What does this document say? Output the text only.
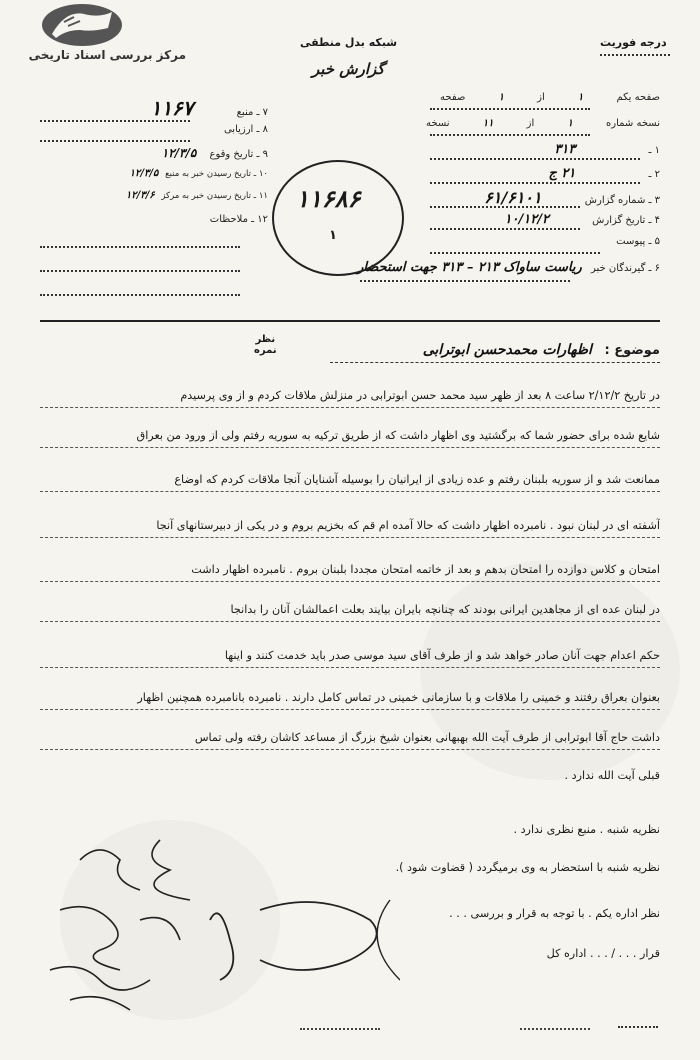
مرکز بررسی اسناد تاریخی
شبکه بدل منطقی
گزارش خبر
درجه فوریت
صفحه یکم ۱ از ۱ صفحه
نسخه شماره ۱ از ۱۱ نسخه
۱ ـ ۳۱۳
۲ ـ ۲۱ ج
۳ ـ شماره گزارش ۶۱/۶۱۰۱
۴ ـ تاریخ گزارش ۱۰/۱۲/۲
۵ ـ پیوست
۶ ـ گیرندگان خبر ریاست ساواک ۲۱۳ – ۳۱۳ جهت استحضار
۷ ـ منبع ۱۱۶۷
۸ ـ ارزیابی
۹ ـ تاریخ وقوع ۱۲/۳/۵
۱۰ ـ تاریخ رسیدن خبر به منبع ۱۲/۳/۵
۱۱ ـ تاریخ رسیدن خبر به مرکز ۱۲/۳/۶
۱۲ ـ ملاحظات
۱۱۶۸۶
۱
موضوع : اظهارات محمدحسن ابوترابی
نظر
نمره
در تاریخ ۲/۱۲/۲ ساعت ۸ بعد از ظهر سید محمد حسن ابوترابی در منزلش ملاقات کردم و از وی پرسیدم
شایع شده برای حضور شما که برگشتید وی اظهار داشت که از طریق ترکیه به سوریه رفتم ولی از ورود من بعراق
ممانعت شد و از سوریه بلبنان رفتم و عده زیادی از ایرانیان را بوسیله آشنایان آنجا ملاقات کردم که اوضاع
آشفته ای در لبنان نبود . نامبرده اظهار داشت که حالا آمده ام قم که بخزیم بروم و در یکی از دبیرستانهای آنجا
امتحان و کلاس دوازده را امتحان بدهم و بعد از خاتمه امتحان مجددا بلبنان بروم . نامبرده اظهار داشت
در لبنان عده ای از مجاهدین ایرانی بودند که چنانچه بایران بیایند بعلت اعمالشان آنان را بدانجا
حکم اعدام جهت آنان صادر خواهد شد و از طرف آقای سید موسی صدر باید خدمت کنند و اینها
بعنوان بعراق رفتند و خمینی را ملاقات و با سازمانی خمینی در تماس کامل دارند . نامبرده بانامبرده همچنین اظهار
داشت حاج آقا ابوترابی از طرف آیت الله بهبهانی بعنوان شیخ بزرگ از مساعد کاشان رفته ولی تماس
قبلی آیت الله ندارد .
نظریه شنبه . منبع نظری ندارد .
نظریه شنبه با استحضار به وی برمیگردد ( قضاوت شود ).
نظر اداره یکم . با توجه به قرار و بررسی . . .
قرار . . . / . . . اداره کل
